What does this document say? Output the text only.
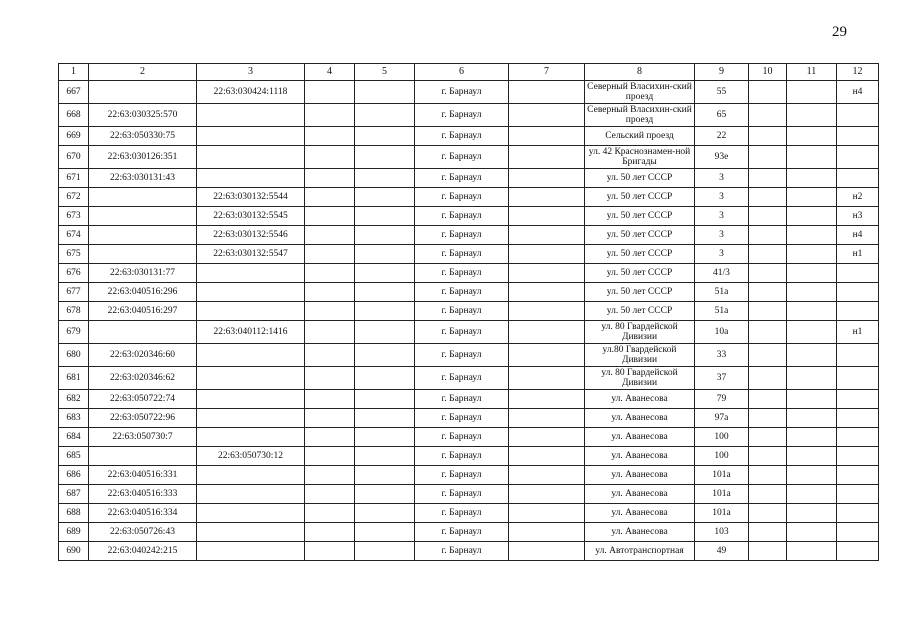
29
1	2	3	4	5	6	7	8	9	10	11	12
667		22:63:030424:1118			г. Барнаул		Северный Власихин-ский проезд	55			н4
668	22:63:030325:570				г. Барнаул		Северный Власихин-ский проезд	65			
669	22:63:050330:75				г. Барнаул		Сельский проезд	22			
670	22:63:030126:351				г. Барнаул		ул. 42 Краснознамен-ной Бригады	93е			
671	22:63:030131:43				г. Барнаул		ул. 50 лет СССР	3			
672		22:63:030132:5544			г. Барнаул		ул. 50 лет СССР	3			н2
673		22:63:030132:5545			г. Барнаул		ул. 50 лет СССР	3			н3
674		22:63:030132:5546			г. Барнаул		ул. 50 лет СССР	3			н4
675		22:63:030132:5547			г. Барнаул		ул. 50 лет СССР	3			н1
676	22:63:030131:77				г. Барнаул		ул. 50 лет СССР	41/3			
677	22:63:040516:296				г. Барнаул		ул. 50 лет СССР	51а			
678	22:63:040516:297				г. Барнаул		ул. 50 лет СССР	51а			
679		22:63:040112:1416			г. Барнаул		ул. 80 Гвардейской Дивизии	10а			н1
680	22:63:020346:60				г. Барнаул		ул.80 Гвардейской Дивизии	33			
681	22:63:020346:62				г. Барнаул		ул. 80 Гвардейской Дивизии	37			
682	22:63:050722:74				г. Барнаул		ул. Аванесова	79			
683	22:63:050722:96				г. Барнаул		ул. Аванесова	97а			
684	22:63:050730:7				г. Барнаул		ул. Аванесова	100			
685		22:63:050730:12			г. Барнаул		ул. Аванесова	100			
686	22:63:040516:331				г. Барнаул		ул. Аванесова	101а			
687	22:63:040516:333				г. Барнаул		ул. Аванесова	101а			
688	22:63:040516:334				г. Барнаул		ул. Аванесова	101а			
689	22:63:050726:43				г. Барнаул		ул. Аванесова	103			
690	22:63:040242:215				г. Барнаул		ул. Автотранспортная	49			
